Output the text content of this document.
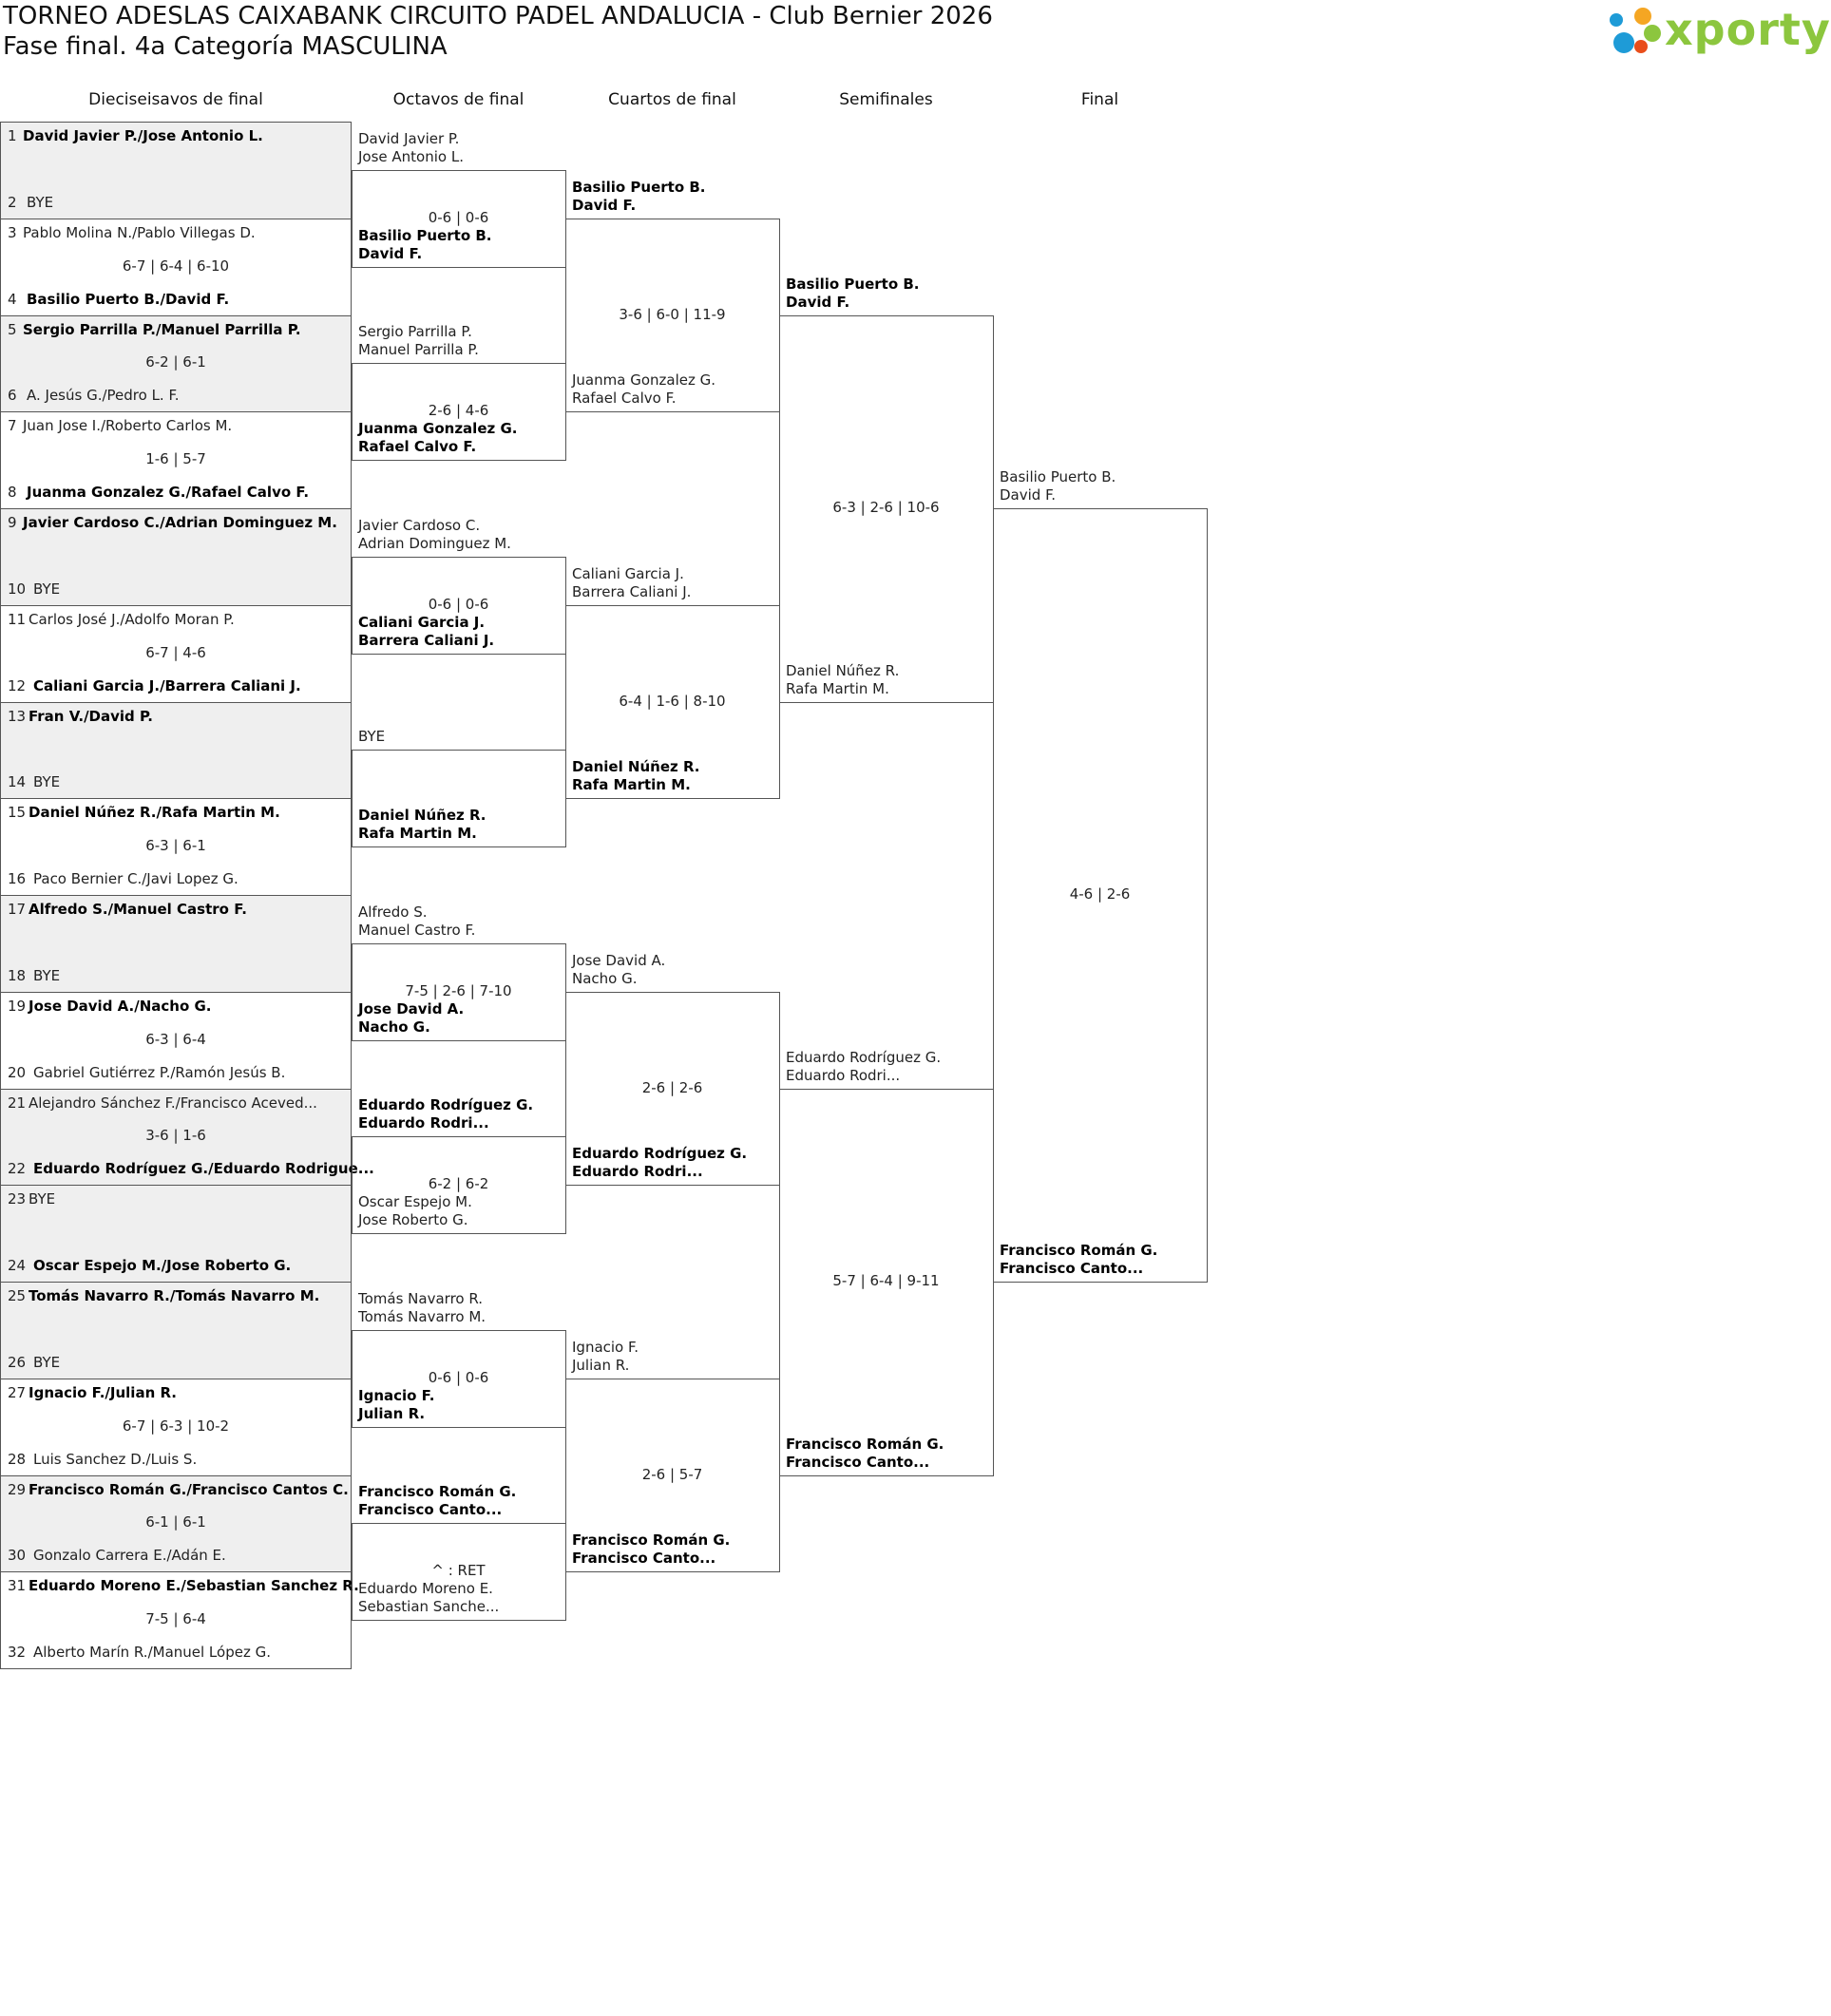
TORNEO ADESLAS CAIXABANK CIRCUITO PADEL ANDALUCIA - Club Bernier 2026
Fase final. 4a Categoría MASCULINA	xporty
Dieciseisavos de final	Octavos de final	Cuartos de final	Semifinales	Final
1 David Javier P./Jose Antonio L.
2 BYE
3 Pablo Molina N./Pablo Villegas D.
6-7 | 6-4 | 6-10
4 Basilio Puerto B./David F.
5 Sergio Parrilla P./Manuel Parrilla P.
6-2 | 6-1
6 A. Jesús G./Pedro L. F.
7 Juan Jose I./Roberto Carlos M.
1-6 | 5-7
8 Juanma Gonzalez G./Rafael Calvo F.
9 Javier Cardoso C./Adrian Dominguez M.
10 BYE
11 Carlos José J./Adolfo Moran P.
6-7 | 4-6
12 Caliani Garcia J./Barrera Caliani J.
13 Fran V./David P.
14 BYE
15 Daniel Núñez R./Rafa Martin M.
6-3 | 6-1
16 Paco Bernier C./Javi Lopez G.
17 Alfredo S./Manuel Castro F.
18 BYE
19 Jose David A./Nacho G.
6-3 | 6-4
20 Gabriel Gutiérrez P./Ramón Jesús B.
21 Alejandro Sánchez F./Francisco Aceved...
3-6 | 1-6
22 Eduardo Rodríguez G./Eduardo Rodrigue...
23 BYE
24 Oscar Espejo M./Jose Roberto G.
25 Tomás Navarro R./Tomás Navarro M.
26 BYE
27 Ignacio F./Julian R.
6-7 | 6-3 | 10-2
28 Luis Sanchez D./Luis S.
29 Francisco Román G./Francisco Cantos C.
6-1 | 6-1
30 Gonzalo Carrera E./Adán E.
31 Eduardo Moreno E./Sebastian Sanchez R.
7-5 | 6-4
32 Alberto Marín R./Manuel López G.
David Javier P.
Jose Antonio L.
Basilio Puerto B.
David F.
0-6 | 0-6
Sergio Parrilla P.
Manuel Parrilla P.
Juanma Gonzalez G.
Rafael Calvo F.
2-6 | 4-6
Javier Cardoso C.
Adrian Dominguez M.
Caliani Garcia J.
Barrera Caliani J.
0-6 | 0-6
BYE
Daniel Núñez R.
Rafa Martin M.
Alfredo S.
Manuel Castro F.
Jose David A.
Nacho G.
7-5 | 2-6 | 7-10
Eduardo Rodríguez G.
Eduardo Rodri...
Oscar Espejo M.
Jose Roberto G.
6-2 | 6-2
Tomás Navarro R.
Tomás Navarro M.
Ignacio F.
Julian R.
0-6 | 0-6
Francisco Román G.
Francisco Canto...
Eduardo Moreno E.
Sebastian Sanche...
^ : RET
Basilio Puerto B.
David F.
Juanma Gonzalez G.
Rafael Calvo F.
3-6 | 6-0 | 11-9
Caliani Garcia J.
Barrera Caliani J.
Daniel Núñez R.
Rafa Martin M.
6-4 | 1-6 | 8-10
Jose David A.
Nacho G.
Eduardo Rodríguez G.
Eduardo Rodri...
2-6 | 2-6
Ignacio F.
Julian R.
Francisco Román G.
Francisco Canto...
2-6 | 5-7
Basilio Puerto B.
David F.
Daniel Núñez R.
Rafa Martin M.
6-3 | 2-6 | 10-6
Eduardo Rodríguez G.
Eduardo Rodri...
Francisco Román G.
Francisco Canto...
5-7 | 6-4 | 9-11
Basilio Puerto B.
David F.
Francisco Román G.
Francisco Canto...
4-6 | 2-6
